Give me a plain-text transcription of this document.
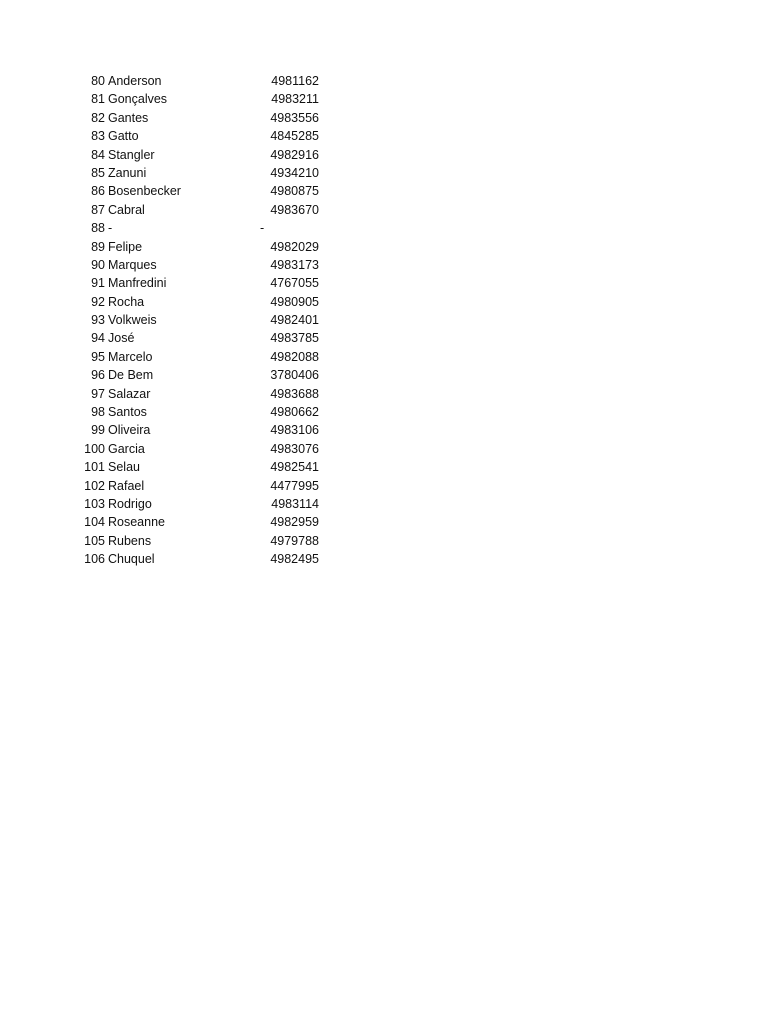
80 Anderson	4981162
81 Gonçalves	4983211
82 Gantes	4983556
83 Gatto	4845285
84 Stangler	4982916
85 Zanuni	4934210
86 Bosenbecker	4980875
87 Cabral	4983670
88 -	-
89 Felipe	4982029
90 Marques	4983173
91 Manfredini	4767055
92 Rocha	4980905
93 Volkweis	4982401
94 José	4983785
95 Marcelo	4982088
96 De Bem	3780406
97 Salazar	4983688
98 Santos	4980662
99 Oliveira	4983106
100 Garcia	4983076
101 Selau	4982541
102 Rafael	4477995
103 Rodrigo	4983114
104 Roseanne	4982959
105 Rubens	4979788
106 Chuquel	4982495
